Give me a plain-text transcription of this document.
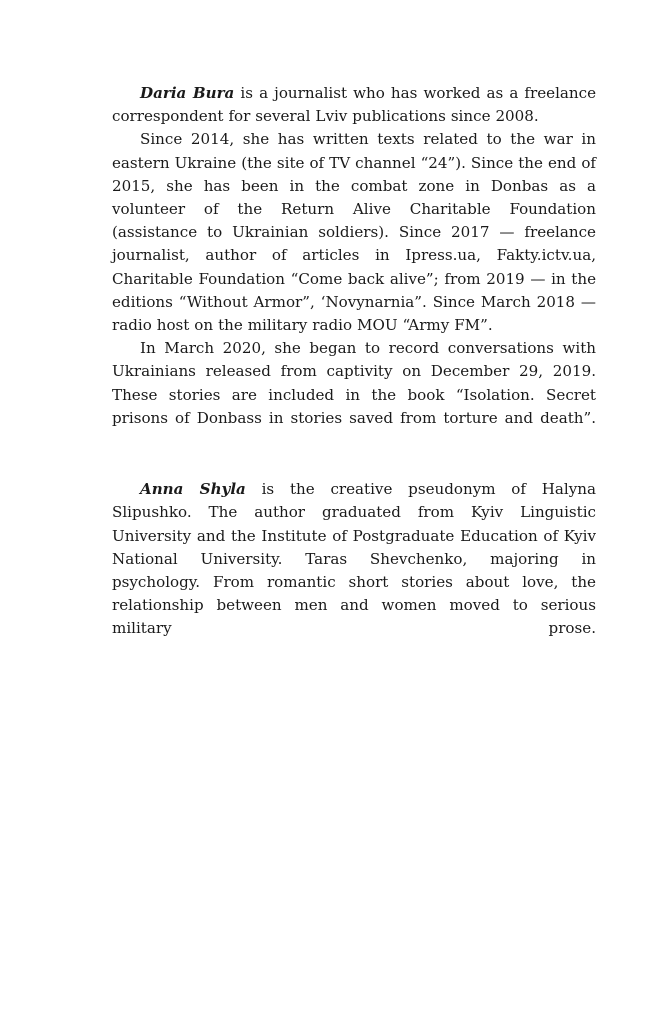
Daria Bura is a journalist who has worked as a freelance correspondent for several Lviv publications since 2008.

Since 2014, she has written texts related to the war in eastern Ukraine (the site of TV channel “24”). Since the end of 2015, she has been in the combat zone in Donbas as a volunteer of the Return Alive Charitable Foundation (assistance to Ukrainian soldiers). Since 2017 — freelance journalist, author of articles in Ipress.ua, Fakty.ictv.ua, Charitable Foundation “Come back alive”; from 2019 — in the editions “Without Armor”, ‘Novynarnia”. Since March 2018 — radio host on the military radio MOU “Army FM”.

In March 2020, she began to record conversations with Ukrainians released from captivity on December 29, 2019. These stories are included in the book “Isolation. Secret prisons of Donbass in stories saved from torture and death”.

Anna Shyla is the creative pseudonym of Halyna Slipushko. The author graduated from Kyiv Linguistic University and the Institute of Postgraduate Education of Kyiv National University. Taras Shevchenko, majoring in psychology. From romantic short stories about love, the relationship between men and women moved to serious military prose.
